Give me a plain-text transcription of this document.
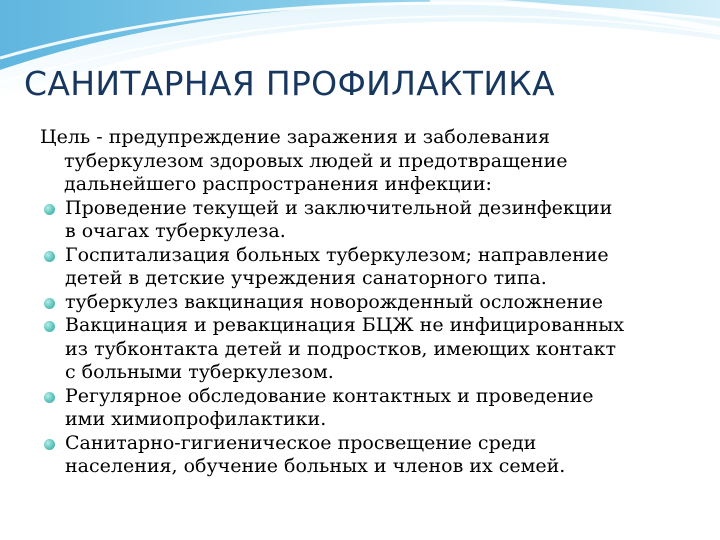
САНИТАРНАЯ ПРОФИЛАКТИКА

Цель - предупреждение заражения и заболевания
туберкулезом здоровых людей и предотвращение
дальнейшего распространения инфекции:

Проведение текущей и заключительной дезинфекции
в очагах туберкулеза.
Госпитализация больных туберкулезом; направление
детей в детские учреждения санаторного типа.
туберкулез вакцинация новорожденный осложнение
Вакцинация и ревакцинация БЦЖ не инфицированных
из тубконтакта детей и подростков, имеющих контакт
с больными туберкулезом.
Регулярное обследование контактных и проведение
ими химиопрофилактики.
Санитарно-гигиеническое просвещение среди
населения, обучение больных и членов их семей.
